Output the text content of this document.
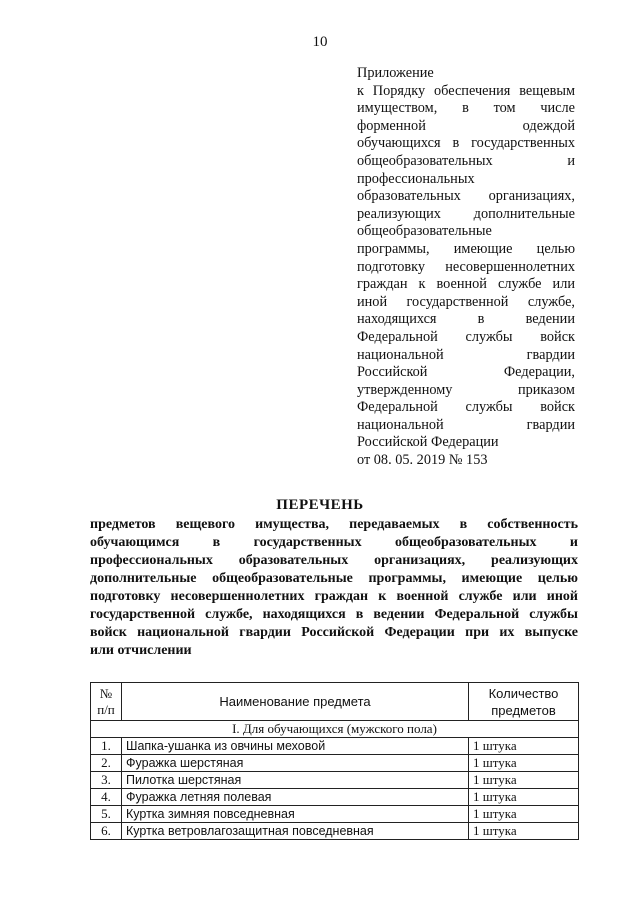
10
Приложение
к Порядку обеспечения вещевым
имуществом, в том числе
форменной одеждой
обучающихся в государственных
общеобразовательных и
профессиональных
образовательных организациях,
реализующих дополнительные
общеобразовательные
программы, имеющие целью
подготовку несовершеннолетних
граждан к военной службе или
иной государственной службе,
находящихся в ведении
Федеральной службы войск
национальной гвардии
Российской Федерации,
утвержденному приказом
Федеральной службы войск
национальной гвардии
Российской Федерации
от 08. 05. 2019 № 153
ПЕРЕЧЕНЬ
предметов вещевого имущества, передаваемых в собственность
обучающимся в государственных общеобразовательных и
профессиональных образовательных организациях, реализующих
дополнительные общеобразовательные программы, имеющие целью
подготовку несовершеннолетних граждан к военной службе или иной
государственной службе, находящихся в ведении Федеральной службы
войск национальной гвардии Российской Федерации при их выпуске
или отчислении
№ п/п	Наименование предмета	Количество предметов
I. Для обучающихся (мужского пола)		
1.	Шапка-ушанка из овчины меховой	1 штука
2.	Фуражка шерстяная	1 штука
3.	Пилотка шерстяная	1 штука
4.	Фуражка летняя полевая	1 штука
5.	Куртка зимняя повседневная	1 штука
6.	Куртка ветровлагозащитная повседневная	1 штука
